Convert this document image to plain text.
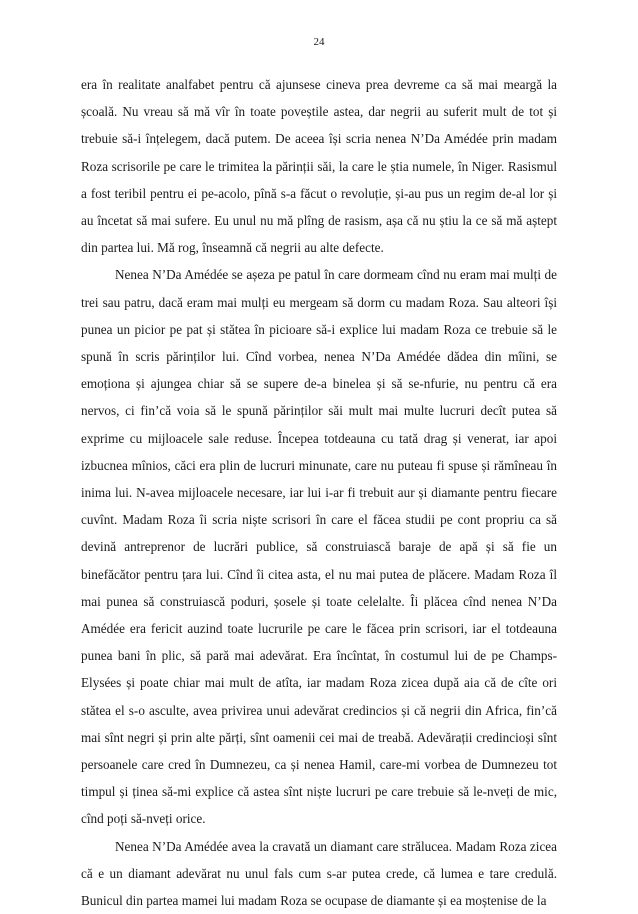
24

era în realitate analfabet pentru că ajunsese cineva prea devreme ca să mai meargă la școală. Nu vreau să mă vîr în toate poveștile astea, dar negrii au suferit mult de tot și trebuie să-i înțelegem, dacă putem. De aceea își scria nenea N’Da Amédée prin madam Roza scrisorile pe care le trimitea la părinții săi, la care le știa numele, în Niger. Rasismul a fost teribil pentru ei pe-acolo, pînă s-a făcut o revoluție, și-au pus un regim de-al lor și au încetat să mai sufere. Eu unul nu mă plîng de rasism, așa că nu știu la ce să mă aștept din partea lui. Mă rog, înseamnă că negrii au alte defecte.

Nenea N’Da Amédée se așeza pe patul în care dormeam cînd nu eram mai mulți de trei sau patru, dacă eram mai mulți eu mergeam să dorm cu madam Roza. Sau alteori își punea un picior pe pat și stătea în picioare să-i explice lui madam Roza ce trebuie să le spună în scris părinților lui. Cînd vorbea, nenea N’Da Amédée dădea din mîini, se emoționa și ajungea chiar să se supere de-a binelea și să se-nfurie, nu pentru că era nervos, ci fin’că voia să le spună părinților săi mult mai multe lucruri decît putea să exprime cu mijloacele sale reduse. Începea totdeauna cu tată drag și venerat, iar apoi izbucnea mînios, căci era plin de lucruri minunate, care nu puteau fi spuse și rămîneau în inima lui. N-avea mijloacele necesare, iar lui i-ar fi trebuit aur și diamante pentru fiecare cuvînt. Madam Roza îi scria niște scrisori în care el făcea studii pe cont propriu ca să devină antreprenor de lucrări publice, să construiască baraje de apă și să fie un binefăcător pentru țara lui. Cînd îi citea asta, el nu mai putea de plăcere. Madam Roza îl mai punea să construiască poduri, șosele și toate celelalte. Îi plăcea cînd nenea N’Da Amédée era fericit auzind toate lucrurile pe care le făcea prin scrisori, iar el totdeauna punea bani în plic, să pară mai adevărat. Era încîntat, în costumul lui de pe Champs-Elysées și poate chiar mai mult de atîta, iar madam Roza zicea după aia că de cîte ori stătea el s-o asculte, avea privirea unui adevărat credincios și că negrii din Africa, fin’că mai sînt negri și prin alte părți, sînt oamenii cei mai de treabă. Adevărații credincioși sînt persoanele care cred în Dumnezeu, ca și nenea Hamil, care-mi vorbea de Dumnezeu tot timpul și ținea să-mi explice că astea sînt niște lucruri pe care trebuie să le-nveți de mic, cînd poți să-nveți orice.

Nenea N’Da Amédée avea la cravată un diamant care strălucea. Madam Roza zicea că e un diamant adevărat nu unul fals cum s-ar putea crede, că lumea e tare credulă. Bunicul din partea mamei lui madam Roza se ocupase de diamante și ea moștenise de la
